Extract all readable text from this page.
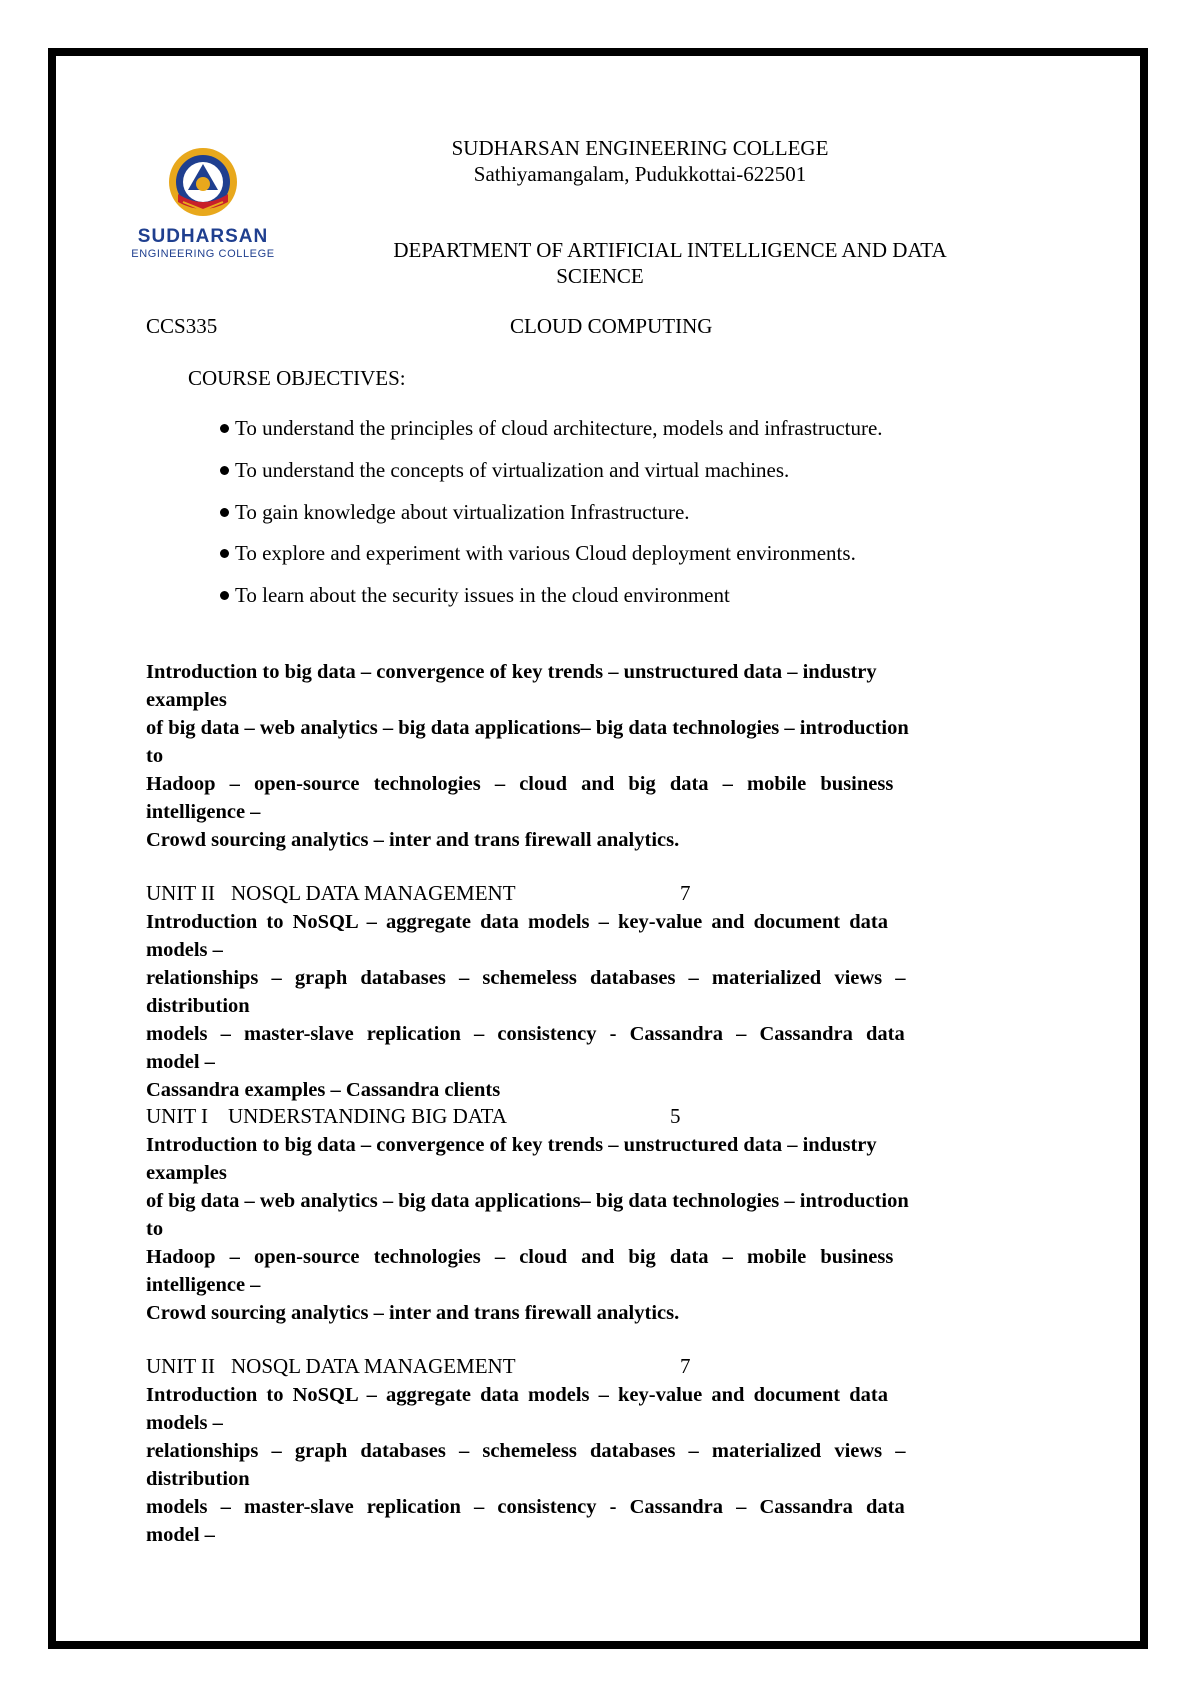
SUDHARSAN
ENGINEERING COLLEGE
SUDHARSAN ENGINEERING COLLEGE
Sathiyamangalam, Pudukkottai-622501
DEPARTMENT OF ARTIFICIAL INTELLIGENCE AND DATA
SCIENCE
CCS335	CLOUD COMPUTING
COURSE OBJECTIVES:
To understand the principles of cloud architecture, models and infrastructure.
To understand the concepts of virtualization and virtual machines.
To gain knowledge about virtualization Infrastructure.
To explore and experiment with various Cloud deployment environments.
To learn about the security issues in the cloud environment
Introduction to big data – convergence of key trends – unstructured data – industry
examples
of big data – web analytics – big data applications– big data technologies – introduction
to
Hadoop – open-source technologies – cloud and big data – mobile business
intelligence –
Crowd sourcing analytics – inter and trans firewall analytics.
UNIT II NOSQL DATA MANAGEMENT	7
Introduction to NoSQL – aggregate data models – key-value and document data
models –
relationships – graph databases – schemeless databases – materialized views –
distribution
models – master-slave replication – consistency - Cassandra – Cassandra data
model –
Cassandra examples – Cassandra clients
UNIT I UNDERSTANDING BIG DATA	5
Introduction to big data – convergence of key trends – unstructured data – industry
examples
of big data – web analytics – big data applications– big data technologies – introduction
to
Hadoop – open-source technologies – cloud and big data – mobile business
intelligence –
Crowd sourcing analytics – inter and trans firewall analytics.
UNIT II NOSQL DATA MANAGEMENT	7
Introduction to NoSQL – aggregate data models – key-value and document data
models –
relationships – graph databases – schemeless databases – materialized views –
distribution
models – master-slave replication – consistency - Cassandra – Cassandra data
model –
